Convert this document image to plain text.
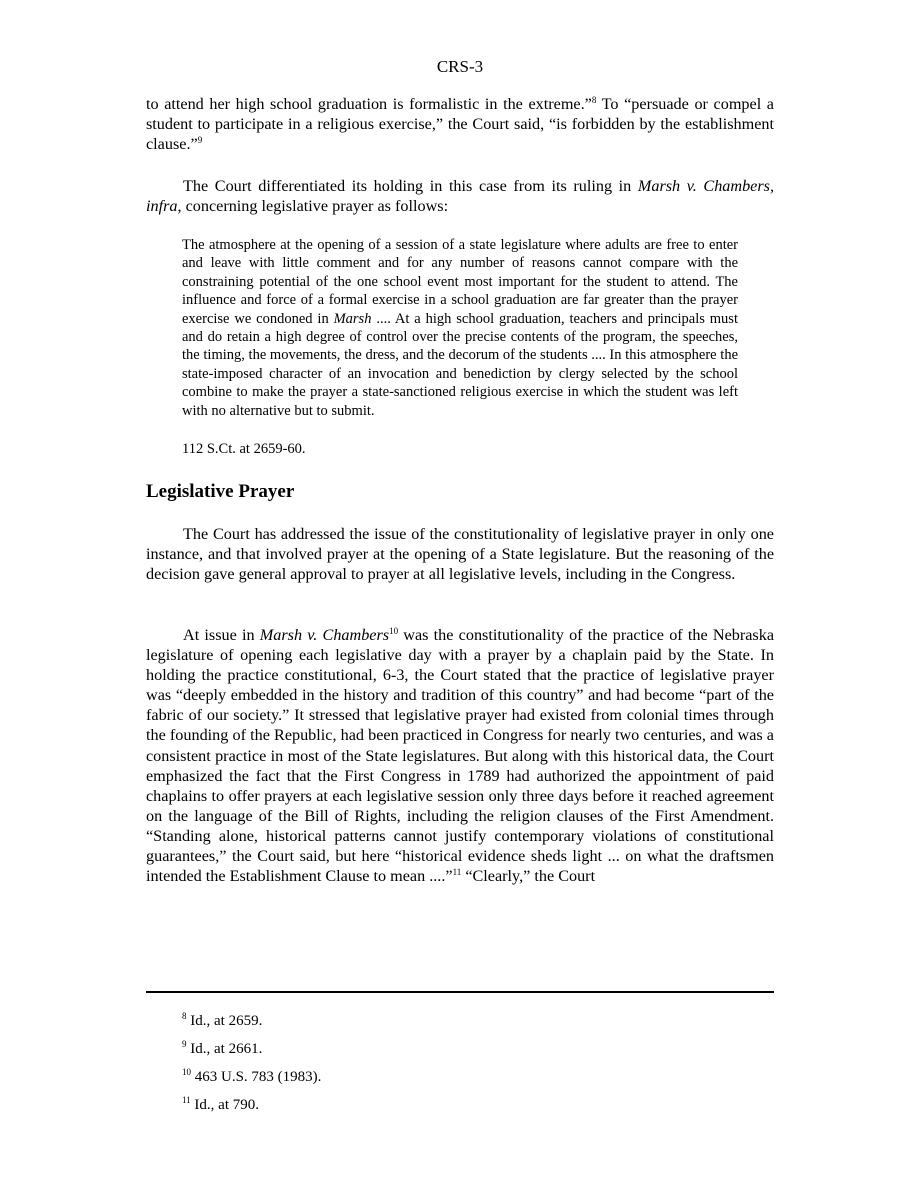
CRS-3

to attend her high school graduation is formalistic in the extreme.”$^8$ To “persuade or compel a student to participate in a religious exercise,” the Court said, “is forbidden by the establishment clause.”$^9$

The Court differentiated its holding in this case from its ruling in Marsh v. Chambers, infra, concerning legislative prayer as follows:

The atmosphere at the opening of a session of a state legislature where adults are free to enter and leave with little comment and for any number of reasons cannot compare with the constraining potential of the one school event most important for the student to attend. The influence and force of a formal exercise in a school graduation are far greater than the prayer exercise we condoned in Marsh .... At a high school graduation, teachers and principals must and do retain a high degree of control over the precise contents of the program, the speeches, the timing, the movements, the dress, and the decorum of the students .... In this atmosphere the state-imposed character of an invocation and benediction by clergy selected by the school combine to make the prayer a state-sanctioned religious exercise in which the student was left with no alternative but to submit.

112 S.Ct. at 2659-60.
Legislative Prayer

The Court has addressed the issue of the constitutionality of legislative prayer in only one instance, and that involved prayer at the opening of a State legislature. But the reasoning of the decision gave general approval to prayer at all legislative levels, including in the Congress.

At issue in Marsh v. Chambers$^{10}$ was the constitutionality of the practice of the Nebraska legislature of opening each legislative day with a prayer by a chaplain paid by the State. In holding the practice constitutional, 6-3, the Court stated that the practice of legislative prayer was “deeply embedded in the history and tradition of this country” and had become “part of the fabric of our society.” It stressed that legislative prayer had existed from colonial times through the founding of the Republic, had been practiced in Congress for nearly two centuries, and was a consistent practice in most of the State legislatures. But along with this historical data, the Court emphasized the fact that the First Congress in 1789 had authorized the appointment of paid chaplains to offer prayers at each legislative session only three days before it reached agreement on the language of the Bill of Rights, including the religion clauses of the First Amendment. “Standing alone, historical patterns cannot justify contemporary violations of constitutional guarantees,” the Court said, but here “historical evidence sheds light ... on what the draftsmen intended the Establishment Clause to mean ....”$^{11}$ “Clearly,” the Court

$^8$ Id., at 2659.
$^9$ Id., at 2661.
$^{10}$ 463 U.S. 783 (1983).
$^{11}$ Id., at 790.
